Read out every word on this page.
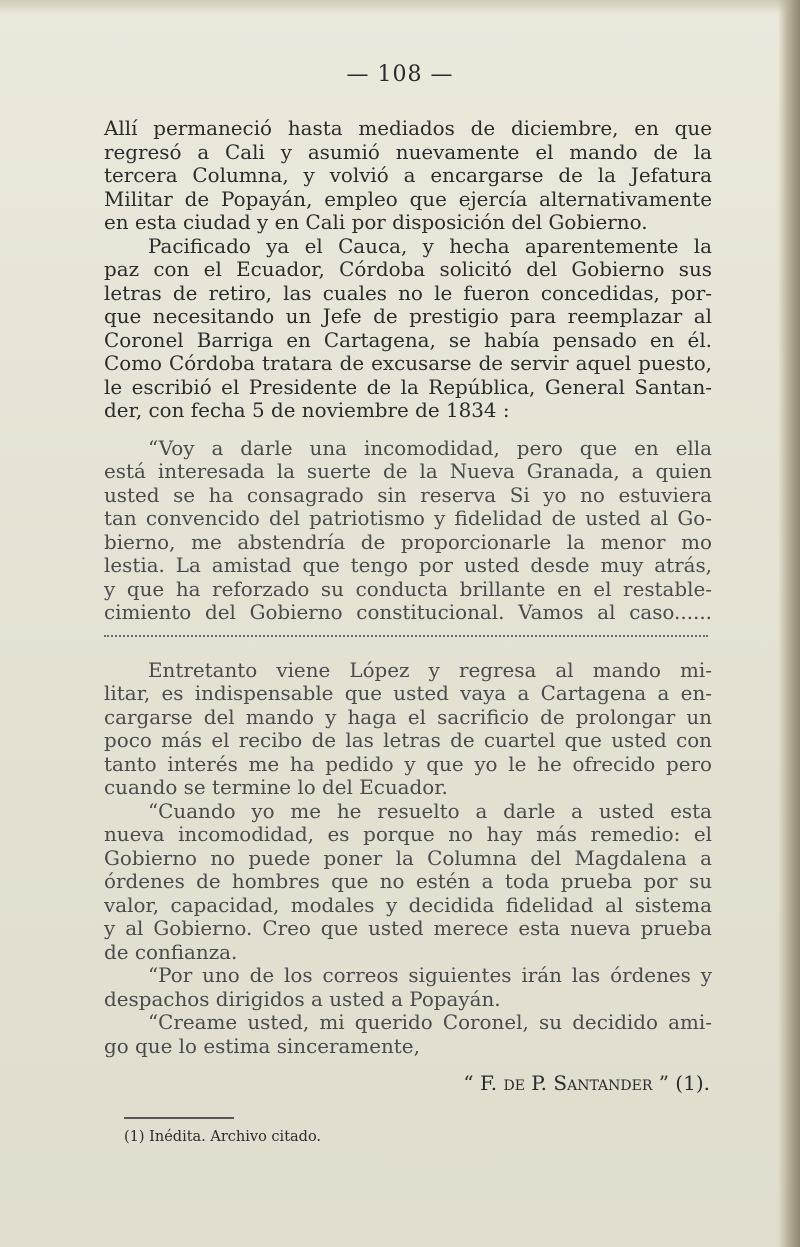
— 108 —
Allí permaneció hasta mediados de diciembre, en que
regresó a Cali y asumió nuevamente el mando de la
tercera Columna, y volvió a encargarse de la Jefatura
Militar de Popayán, empleo que ejercía alternativamente
en esta ciudad y en Cali por disposición del Gobierno.
Pacificado ya el Cauca, y hecha aparentemente la
paz con el Ecuador, Córdoba solicitó del Gobierno sus
letras de retiro, las cuales no le fueron concedidas, por-
que necesitando un Jefe de prestigio para reemplazar al
Coronel Barriga en Cartagena, se había pensado en él.
Como Córdoba tratara de excusarse de servir aquel puesto,
le escribió el Presidente de la República, General Santan-
der, con fecha 5 de noviembre de 1834 :
“Voy a darle una incomodidad, pero que en ella
está interesada la suerte de la Nueva Granada, a quien
usted se ha consagrado sin reserva Si yo no estuviera
tan convencido del patriotismo y fidelidad de usted al Go-
bierno, me abstendría de proporcionarle la menor mo
lestia. La amistad que tengo por usted desde muy atrás,
y que ha reforzado su conducta brillante en el restable-
cimiento del Gobierno constitucional. Vamos al caso......
Entretanto viene López y regresa al mando mi-
litar, es indispensable que usted vaya a Cartagena a en-
cargarse del mando y haga el sacrificio de prolongar un
poco más el recibo de las letras de cuartel que usted con
tanto interés me ha pedido y que yo le he ofrecido pero
cuando se termine lo del Ecuador.
“Cuando yo me he resuelto a darle a usted esta
nueva incomodidad, es porque no hay más remedio: el
Gobierno no puede poner la Columna del Magdalena a
órdenes de hombres que no estén a toda prueba por su
valor, capacidad, modales y decidida fidelidad al sistema
y al Gobierno. Creo que usted merece esta nueva prueba
de confianza.
“Por uno de los correos siguientes irán las órdenes y
despachos dirigidos a usted a Popayán.
“Creame usted, mi querido Coronel, su decidido ami-
go que lo estima sinceramente,
“ F. de P. Santander ” (1).
(1) Inédita. Archivo citado.
